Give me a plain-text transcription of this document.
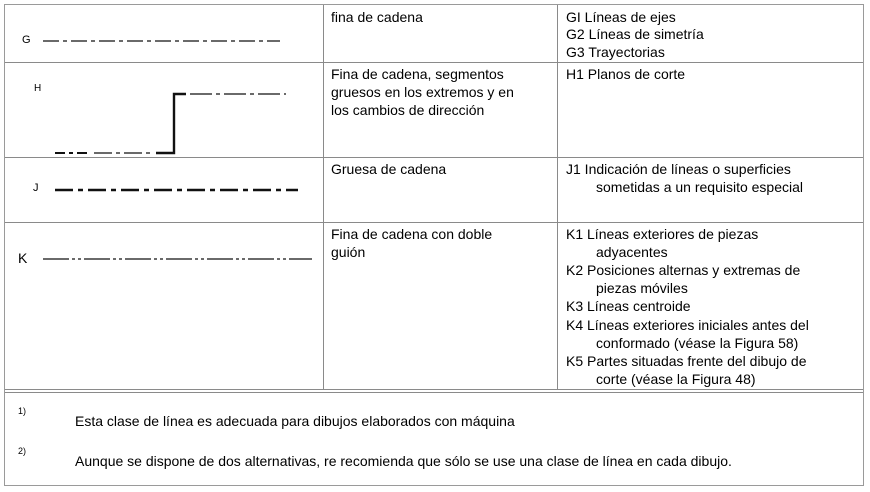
G
fina de cadena	GI Líneas de ejes
G2 Líneas de simetría
G3 Trayectorias
H
Fina de cadena, segmentos
gruesos en los extremos y en
los cambios de dirección
H1 Planos de corte
J
Gruesa de cadena	J1 Indicación de líneas o superficies
sometidas a un requisito especial
K
Fina de cadena con doble
guión
K1 Líneas exteriores de piezas
adyacentes
K2 Posiciones alternas y extremas de
piezas móviles
K3 Líneas centroide
K4 Líneas exteriores iniciales antes del
conformado (véase la Figura 58)
K5 Partes situadas frente del dibujo de
corte (véase la Figura 48)
1)
Esta clase de línea es adecuada para dibujos elaborados con máquina
2)
Aunque se dispone de dos alternativas, re recomienda que sólo se use una clase de línea en cada dibujo.
